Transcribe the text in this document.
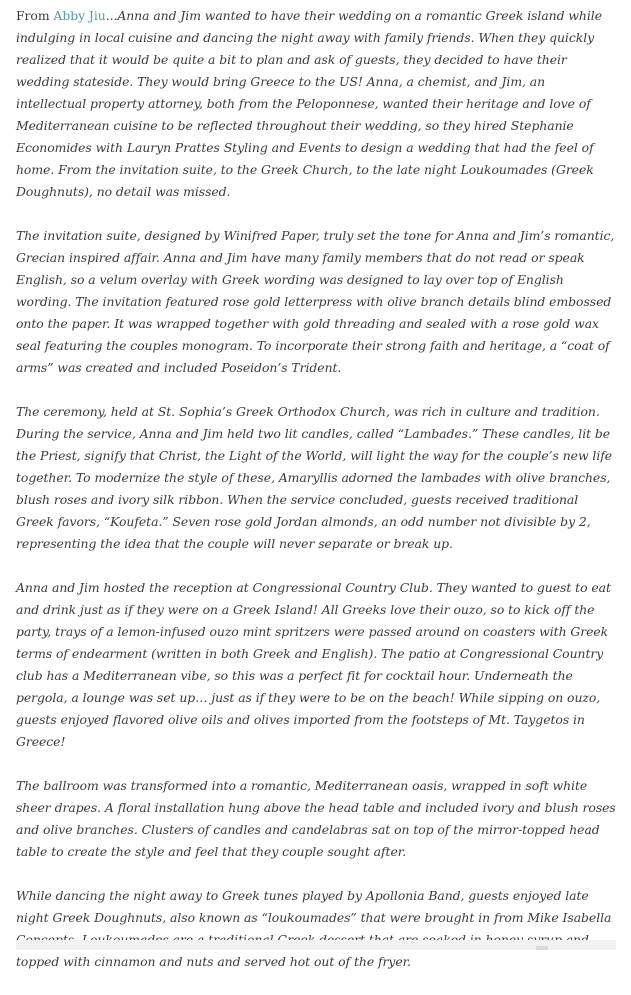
From Abby Jiu...Anna and Jim wanted to have their wedding on a romantic Greek island while indulging in local cuisine and dancing the night away with family friends. When they quickly realized that it would be quite a bit to plan and ask of guests, they decided to have their wedding stateside. They would bring Greece to the US! Anna, a chemist, and Jim, an intellectual property attorney, both from the Peloponnese, wanted their heritage and love of Mediterranean cuisine to be reflected throughout their wedding, so they hired Stephanie Economides with Lauryn Prattes Styling and Events to design a wedding that had the feel of home. From the invitation suite, to the Greek Church, to the late night Loukoumades (Greek Doughnuts), no detail was missed.

The invitation suite, designed by Winifred Paper, truly set the tone for Anna and Jim’s romantic, Grecian inspired affair. Anna and Jim have many family members that do not read or speak English, so a velum overlay with Greek wording was designed to lay over top of English wording. The invitation featured rose gold letterpress with olive branch details blind embossed onto the paper. It was wrapped together with gold threading and sealed with a rose gold wax seal featuring the couples monogram. To incorporate their strong faith and heritage, a “coat of arms” was created and included Poseidon’s Trident.

The ceremony, held at St. Sophia’s Greek Orthodox Church, was rich in culture and tradition. During the service, Anna and Jim held two lit candles, called “Lambades.” These candles, lit be the Priest, signify that Christ, the Light of the World, will light the way for the couple’s new life together. To modernize the style of these, Amaryllis adorned the lambades with olive branches, blush roses and ivory silk ribbon. When the service concluded, guests received traditional Greek favors, “Koufeta.” Seven rose gold Jordan almonds, an odd number not divisible by 2, representing the idea that the couple will never separate or break up.

Anna and Jim hosted the reception at Congressional Country Club. They wanted to guest to eat and drink just as if they were on a Greek Island! All Greeks love their ouzo, so to kick off the party, trays of a lemon-infused ouzo mint spritzers were passed around on coasters with Greek terms of endearment (written in both Greek and English). The patio at Congressional Country club has a Mediterranean vibe, so this was a perfect fit for cocktail hour. Underneath the pergola, a lounge was set up… just as if they were to be on the beach! While sipping on ouzo, guests enjoyed flavored olive oils and olives imported from the footsteps of Mt. Taygetos in Greece!

The ballroom was transformed into a romantic, Mediterranean oasis, wrapped in soft white sheer drapes. A floral installation hung above the head table and included ivory and blush roses and olive branches. Clusters of candles and candelabras sat on top of the mirror-topped head table to create the style and feel that they couple sought after.

While dancing the night away to Greek tunes played by Apollonia Band, guests enjoyed late night Greek Doughnuts, also known as “loukoumades” that were brought in from Mike Isabella topped with cinnamon and nuts and served hot out of the fryer.
